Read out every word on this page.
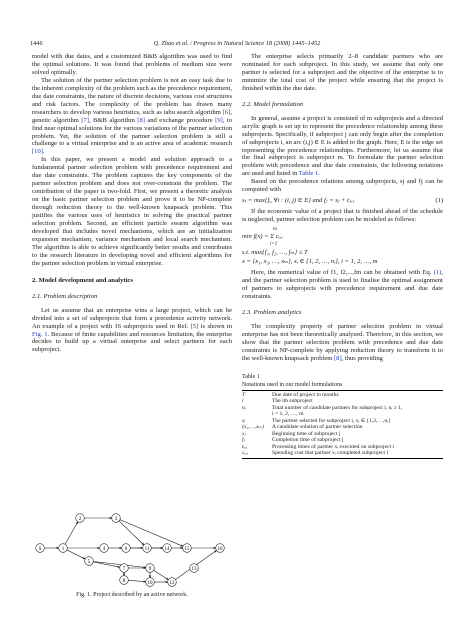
1446	Q. Zhao et al. / Progress in Natural Science 18 (2008) 1445–1452

model with due dates, and a customized B&B algorithm was used to find the optimal solutions. It was found that problems of medium size were solved optimally.

The solution of the partner selection problem is not an easy task due to the inherent complexity of the problem such as the precedence requirement, due date constraints, the nature of discrete decisions, various cost structures and risk factors. The complexity of the problem has drawn many researchers to develop various heuristics, such as tabu search algorithm [6], genetic algorithm [7], B&B algorithm [8] and exchange procedure [9], to find near optimal solutions for the various variations of the partner selection problem. Yet, the solution of the partner selection problem is still a challenge to a virtual enterprise and is an active area of academic research [10].

In this paper, we present a model and solution approach to a fundamental partner selection problem with precedence requirement and due date constraints. The problem captures the key components of the partner selection problem and does not over-constrain the problem. The contribution of the paper is two-fold. First, we present a theoretic analysis on the basic partner selection problem and prove it to be NP-complete through reduction theory to the well-known knapsack problem. This justifies the various uses of heuristics in solving the practical partner selection problem. Second, an efficient particle swarm algorithm was developed that includes novel mechanisms, which are an initialization expansion mechanism, variance mechanism and local search mechanism. The algorithm is able to achieve significantly better results and contributes to the research literature in developing novel and efficient algorithms for the partner selection problem in virtual enterprise.

2. Model development and analytics
2.1. Problem description

Let us assume that an enterprise wins a large project, which can be divided into a set of subprojects that form a precedence activity network. An example of a project with 16 subprojects used in Ref. [5] is shown in Fig. 1. Because of finite capabilities and resources limitation, the enterprise decides to build up a virtual enterprise and select partners for each subproject.

S	1
2	3
4
5
6
7
8
9
10
11
12
13
14	15	16
Fig. 1. Project described by an active network.

The enterprise selects primarily 2–8 candidate partners who are nominated for each subproject. In this study, we assume that only one partner is selected for a subproject and the objective of the enterprise is to minimize the total cost of the project while ensuring that the project is finished within the due date.

2.2. Model formulation

In general, assume a project is consisted of m subprojects and a directed acrylic graph is set up to represent the precedence relationship among these subprojects. Specifically, if subproject j can only begin after the completion of subprojects i, an arc (i,j) ∈ E is added to the graph. Here, E is the edge set representing the precedence relationships. Furthermore, let us assume that the final subproject is subproject m. To formulate the partner selection problem with precedence and due date constraints, the following notations are used and listed in Table 1.

Based on the precedence relations among subprojects, sj and fj can be computed with

sⱼ = max{fᵢ, ∀i : (i, j) ∈ E} and fⱼ = sⱼ + tⱼₓⱼ	(1)

If the economic value of a project that is finished ahead of the schedule is neglected, partner selection problem can be modeled as follows:

m
min f(x) = Σ cᵢₓᵢ
i=1
s.t. max{f₁, f₂, …, fₘ} ≤ T
x = {x₁, x₂, …, xₘ}, xᵢ ∈ {1, 2, …, nᵢ}, i = 1, 2, …, m

Here, the numerical value of f1, f2,...,fm can be obtained with Eq. (1), and the partner selection problem is used to finalise the optimal assignment of partners to subprojects with precedence requirement and due date constraints.

2.3. Problem analytics

The complexity property of partner selection problem in virtual enterprise has not been theoretically analyzed. Therefore, in this section, we show that the partner selection problem with precedence and due date constraints is NP-complete by applying reduction theory to transform it to the well-known knapsack problem [8], thus providing

Table 1
Notations used in our model formulations
T	Due date of project in months
i	The ith subproject
nᵢ	Total number of candidate partners for subproject i, nᵢ ≥ 1,
	i = 1, 2, …, m
xᵢ	The partner selected for subproject i, xᵢ ∈ {1,2,…,nᵢ}
(x₁,…,xₘ)	A candidate solution of partner selection
sⱼ	Beginning time of subproject j
fⱼ	Completion time of subproject j
tᵢₓᵢ	Processing times of partner xᵢ executed on subproject i
cᵢₓᵢ	Spending cost that partner xᵢ completed subproject i
